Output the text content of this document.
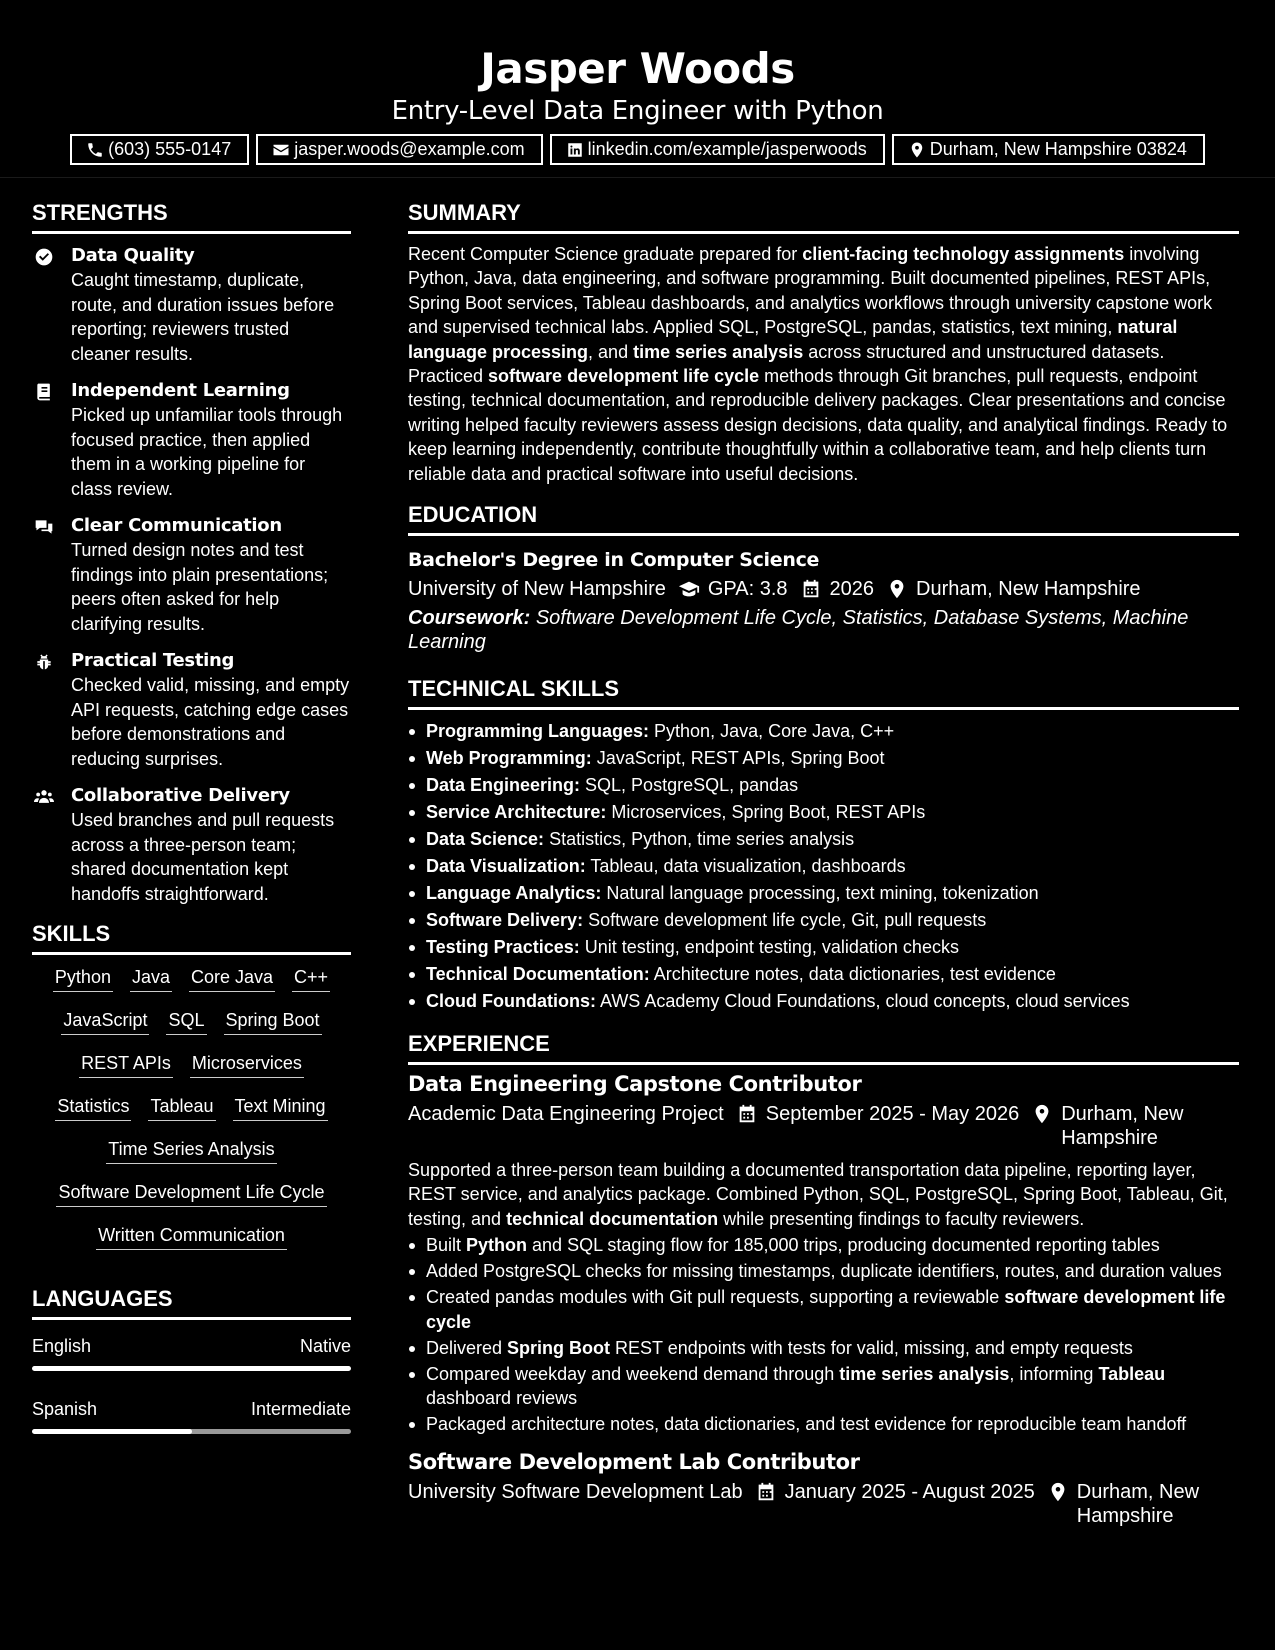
Jasper Woods
Entry-Level Data Engineer with Python
(603) 555-0147	jasper.woods@example.com	linkedin.com/example/jasperwoods	Durham, New Hampshire 03824
STRENGTHS
Data Quality
Caught timestamp, duplicate, route, and duration issues before reporting; reviewers trusted cleaner results.
Independent Learning
Picked up unfamiliar tools through focused practice, then applied them in a working pipeline for class review.
Clear Communication
Turned design notes and test findings into plain presentations; peers often asked for help clarifying results.
Practical Testing
Checked valid, missing, and empty API requests, catching edge cases before demonstrations and reducing surprises.
Collaborative Delivery
Used branches and pull requests across a three-person team; shared documentation kept handoffs straightforward.
SKILLS
Python Java Core Java C++
JavaScript SQL Spring Boot
REST APIs Microservices
Statistics Tableau Text Mining
Time Series Analysis
Software Development Life Cycle
Written Communication
LANGUAGES
English	Native
Spanish	Intermediate
SUMMARY
Recent Computer Science graduate prepared for client-facing technology assignments involving Python, Java, data engineering, and software programming. Built documented pipelines, REST APIs, Spring Boot services, Tableau dashboards, and analytics workflows through university capstone work and supervised technical labs. Applied SQL, PostgreSQL, pandas, statistics, text mining, natural language processing, and time series analysis across structured and unstructured datasets. Practiced software development life cycle methods through Git branches, pull requests, endpoint testing, technical documentation, and reproducible delivery packages. Clear presentations and concise writing helped faculty reviewers assess design decisions, data quality, and analytical findings. Ready to keep learning independently, contribute thoughtfully within a collaborative team, and help clients turn reliable data and practical software into useful decisions.
EDUCATION
Bachelor's Degree in Computer Science
University of New Hampshire GPA: 3.8 2026 Durham, New Hampshire
Coursework: Software Development Life Cycle, Statistics, Database Systems, Machine Learning
TECHNICAL SKILLS
Programming Languages: Python, Java, Core Java, C++
Web Programming: JavaScript, REST APIs, Spring Boot
Data Engineering: SQL, PostgreSQL, pandas
Service Architecture: Microservices, Spring Boot, REST APIs
Data Science: Statistics, Python, time series analysis
Data Visualization: Tableau, data visualization, dashboards
Language Analytics: Natural language processing, text mining, tokenization
Software Delivery: Software development life cycle, Git, pull requests
Testing Practices: Unit testing, endpoint testing, validation checks
Technical Documentation: Architecture notes, data dictionaries, test evidence
Cloud Foundations: AWS Academy Cloud Foundations, cloud concepts, cloud services
EXPERIENCE
Data Engineering Capstone Contributor
Academic Data Engineering Project September 2025 - May 2026 Durham, New Hampshire
Supported a three-person team building a documented transportation data pipeline, reporting layer, REST service, and analytics package. Combined Python, SQL, PostgreSQL, Spring Boot, Tableau, Git, testing, and technical documentation while presenting findings to faculty reviewers.
Built Python and SQL staging flow for 185,000 trips, producing documented reporting tables
Added PostgreSQL checks for missing timestamps, duplicate identifiers, routes, and duration values
Created pandas modules with Git pull requests, supporting a reviewable software development life cycle
Delivered Spring Boot REST endpoints with tests for valid, missing, and empty requests
Compared weekday and weekend demand through time series analysis, informing Tableau dashboard reviews
Packaged architecture notes, data dictionaries, and test evidence for reproducible team handoff
Software Development Lab Contributor
University Software Development Lab January 2025 - August 2025 Durham, New Hampshire
